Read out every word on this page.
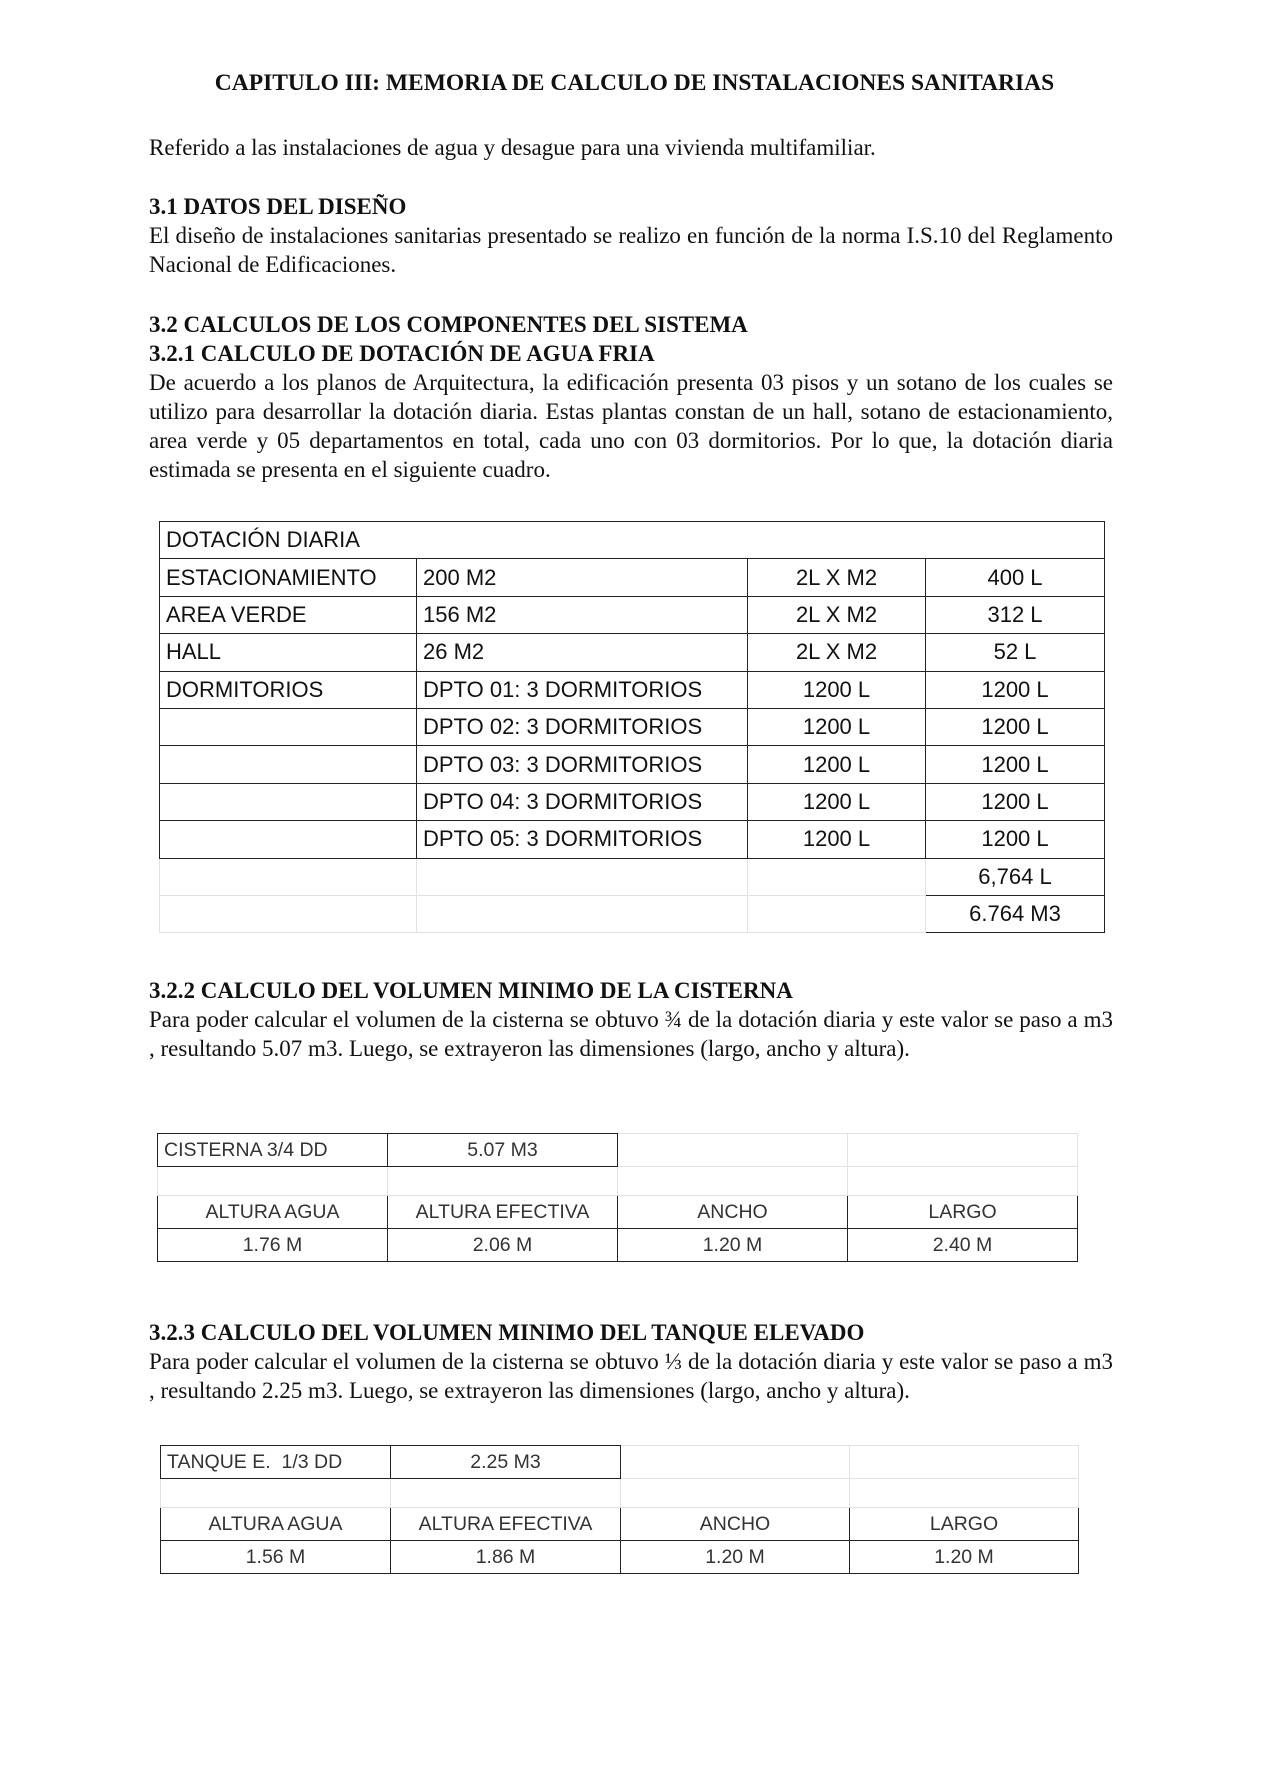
CAPITULO III: MEMORIA DE CALCULO DE INSTALACIONES SANITARIAS

Referido a las instalaciones de agua y desague para una vivienda multifamiliar.

3.1 DATOS DEL DISEÑO

El diseño de instalaciones sanitarias presentado se realizo en función de la norma I.S.10 del Reglamento Nacional de Edificaciones.

3.2 CALCULOS DE LOS COMPONENTES DEL SISTEMA

3.2.1 CALCULO DE DOTACIÓN DE AGUA FRIA

De acuerdo a los planos de Arquitectura, la edificación presenta 03 pisos y un sotano de los cuales se utilizo para desarrollar la dotación diaria. Estas plantas constan de un hall, sotano de estacionamiento, area verde y 05 departamentos en total, cada uno con 03 dormitorios. Por lo que, la dotación diaria estimada se presenta en el siguiente cuadro.

DOTACIÓN DIARIA			
ESTACIONAMIENTO	200 M2	2L X M2	400 L
AREA VERDE	156 M2	2L X M2	312 L
HALL	26 M2	2L X M2	52 L
DORMITORIOS	DPTO 01: 3 DORMITORIOS	1200 L	1200 L
	DPTO 02: 3 DORMITORIOS	1200 L	1200 L
	DPTO 03: 3 DORMITORIOS	1200 L	1200 L
	DPTO 04: 3 DORMITORIOS	1200 L	1200 L
	DPTO 05: 3 DORMITORIOS	1200 L	1200 L
			6,764 L
			6.764 M3

3.2.2 CALCULO DEL VOLUMEN MINIMO DE LA CISTERNA

Para poder calcular el volumen de la cisterna se obtuvo ¾ de la dotación diaria y este valor se paso a m3 , resultando 5.07 m3. Luego, se extrayeron las dimensiones (largo, ancho y altura).

CISTERNA 3/4 DD	5.07 M3		

ALTURA AGUA	ALTURA EFECTIVA	ANCHO	LARGO
1.76 M	2.06 M	1.20 M	2.40 M

3.2.3 CALCULO DEL VOLUMEN MINIMO DEL TANQUE ELEVADO

Para poder calcular el volumen de la cisterna se obtuvo ⅓ de la dotación diaria y este valor se paso a m3 , resultando 2.25 m3. Luego, se extrayeron las dimensiones (largo, ancho y altura).

TANQUE E.  1/3 DD	2.25 M3		

ALTURA AGUA	ALTURA EFECTIVA	ANCHO	LARGO
1.56 M	1.86 M	1.20 M	1.20 M
